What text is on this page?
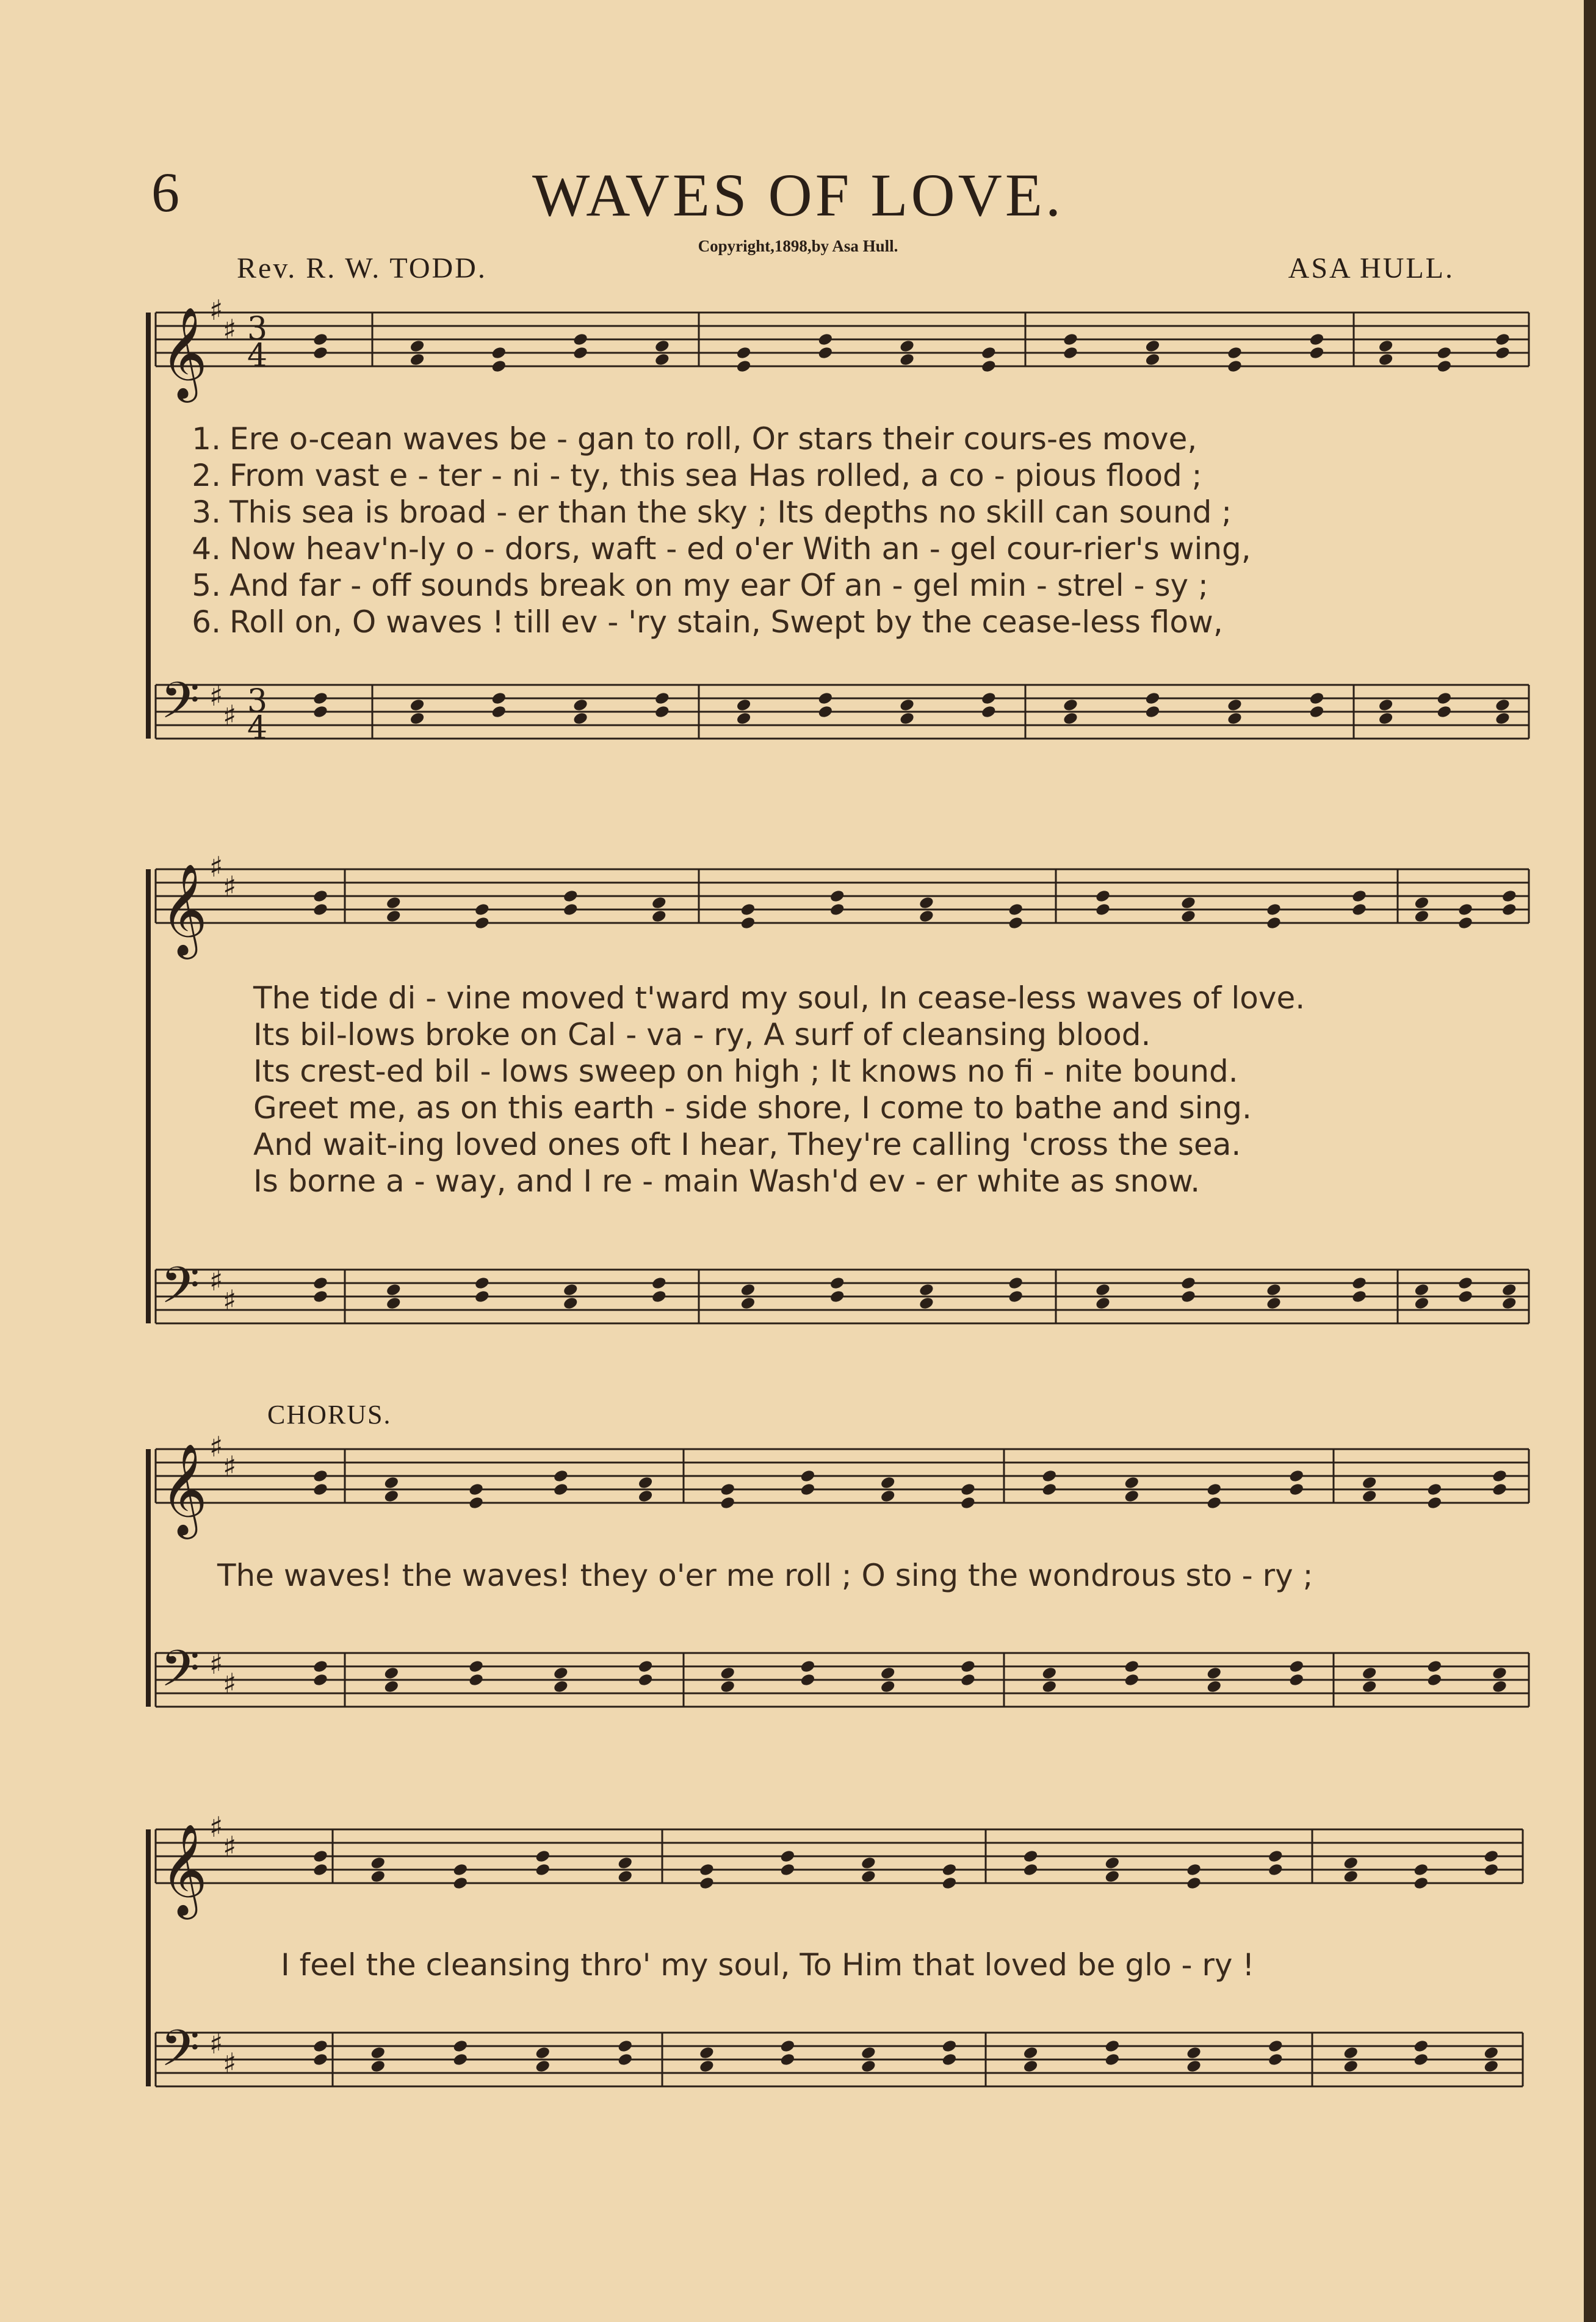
6	WAVES OF LOVE.
Copyright,1898,by Asa Hull.
Rev. R. W. TODD.	ASA HULL.
𝄞 ♯
♯ 3
4
𝄢 ♯
♯ 3
4
𝄞 ♯
♯
𝄢 ♯
♯
𝄞 ♯
♯
𝄢 ♯
♯
𝄞 ♯
♯
𝄢 ♯
♯
1. Ere o-cean waves be - gan to roll, Or stars their cours-es move,
2. From vast e - ter - ni - ty, this sea Has rolled, a co - pious flood ;
3. This sea is broad - er than the sky ; Its depths no skill can sound ;
4. Now heav'n-ly o - dors, waft - ed o'er With an - gel cour-rier's wing,
5. And far - off sounds break on my ear Of an - gel min - strel - sy ;
6. Roll on, O waves ! till ev - 'ry stain, Swept by the cease-less flow,
The tide di - vine moved t'ward my soul, In cease-less waves of love.
Its bil-lows broke on Cal - va - ry, A surf of cleansing blood.
Its crest-ed bil - lows sweep on high ; It knows no fi - nite bound.
Greet me, as on this earth - side shore, I come to bathe and sing.
And wait-ing loved ones oft I hear, They're calling 'cross the sea.
Is borne a - way, and I re - main Wash'd ev - er white as snow.
CHORUS.
The waves! the waves! they o'er me roll ; O sing the wondrous sto - ry ;
I feel the cleansing thro' my soul, To Him that loved be glo - ry !
